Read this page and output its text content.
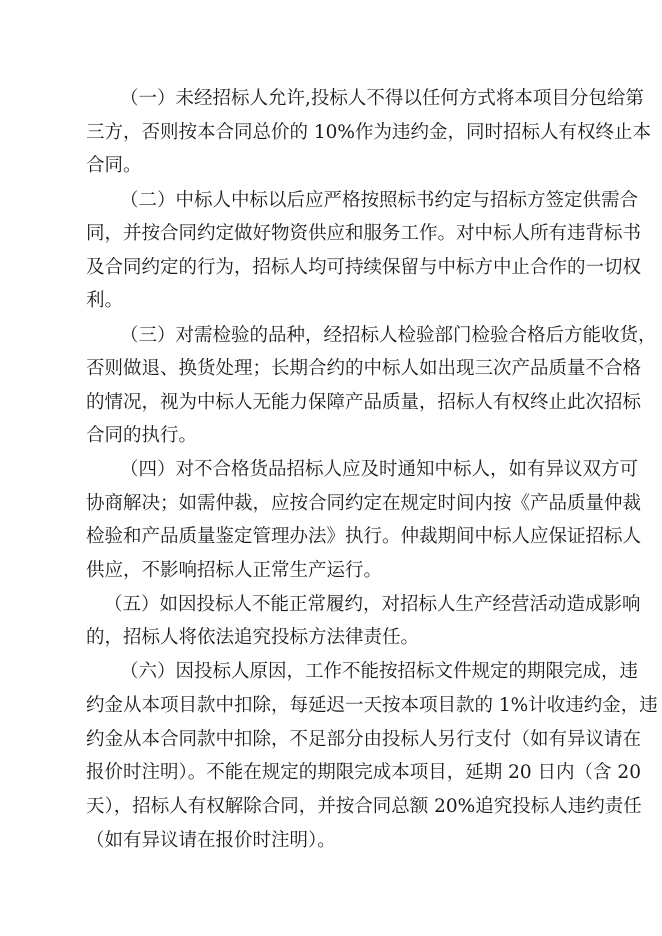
（一）未经招标人允许,投标人不得以任何方式将本项目分包给第
三方，否则按本合同总价的 10%作为违约金，同时招标人有权终止本
合同。
（二）中标人中标以后应严格按照标书约定与招标方签定供需合
同，并按合同约定做好物资供应和服务工作。对中标人所有违背标书
及合同约定的行为，招标人均可持续保留与中标方中止合作的一切权
利。
（三）对需检验的品种，经招标人检验部门检验合格后方能收货，
否则做退、换货处理；长期合约的中标人如出现三次产品质量不合格
的情况，视为中标人无能力保障产品质量，招标人有权终止此次招标
合同的执行。
（四）对不合格货品招标人应及时通知中标人，如有异议双方可
协商解决；如需仲裁，应按合同约定在规定时间内按《产品质量仲裁
检验和产品质量鉴定管理办法》执行。仲裁期间中标人应保证招标人
供应，不影响招标人正常生产运行。
（五）如因投标人不能正常履约，对招标人生产经营活动造成影响
的，招标人将依法追究投标方法律责任。
（六）因投标人原因，工作不能按招标文件规定的期限完成，违
约金从本项目款中扣除，每延迟一天按本项目款的 1%计收违约金，违
约金从本合同款中扣除，不足部分由投标人另行支付（如有异议请在
报价时注明）。不能在规定的期限完成本项目，延期 20 日内（含 20
天），招标人有权解除合同，并按合同总额 20%追究投标人违约责任
（如有异议请在报价时注明）。
